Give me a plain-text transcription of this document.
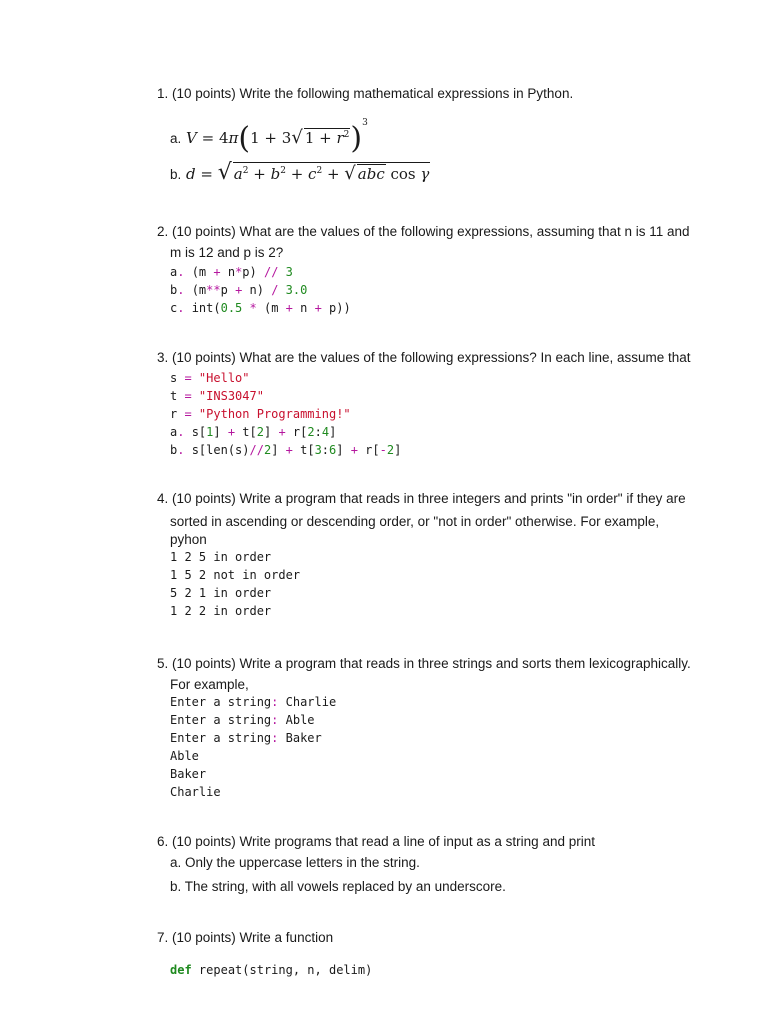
1. (10 points) Write the following mathematical expressions in Python.
a. V = 4π(1 + 3√ $1 + r^2)^3$
b. d = √ $a^2 + b^2 + c^2$ + √ abc cos γ
2. (10 points) What are the values of the following expressions, assuming that n is 11 and
m is 12 and p is 2?
a. (m + n*p) // 3
b. (m**p + n) / 3.0
c. int(0.5 * (m + n + p))
3. (10 points) What are the values of the following expressions? In each line, assume that
s = "Hello"
t = "INS3047"
r = "Python Programming!"
a. s[1] + t[2] + r[2:4]
b. s[len(s)//2] + t[3:6] + r[-2]
4. (10 points) Write a program that reads in three integers and prints "in order" if they are
sorted in ascending or descending order, or "not in order" otherwise. For example,
pyhon
1 2 5 in order
1 5 2 not in order
5 2 1 in order
1 2 2 in order
5. (10 points) Write a program that reads in three strings and sorts them lexicographically.
For example,
Enter a string: Charlie
Enter a string: Able
Enter a string: Baker
Able
Baker
Charlie
6. (10 points) Write programs that read a line of input as a string and print
a. Only the uppercase letters in the string.
b. The string, with all vowels replaced by an underscore.
7. (10 points) Write a function
def repeat(string, n, delim)
